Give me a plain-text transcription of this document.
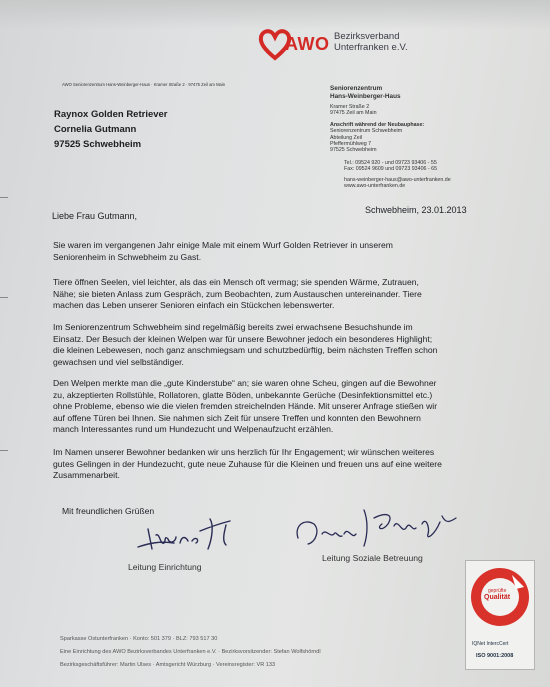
AWO Bezirksverband
Unterfranken e.V.
AWO Seniorenzentrum Hans-Weinberger-Haus · Kramer Straße 2 · 97475 Zeil am Main
Raynox Golden Retriever
Cornelia Gutmann
97525 Schwebheim
Seniorenzentrum
Hans-Weinberger-Haus
Kramer Straße 2
97475 Zeil am Main
Anschrift während der Neubauphase:
Seniorenzentrum Schwebheim
Abteilung Zeil
Pfeffermühlweg 7
97525 Schwebheim
Tel.: 09524 920 - und 09723 93406 - 55
Fax: 09524 9609 und 09723 93406 - 65
hans-weinberger-haus@awo-unterfranken.de
www.awo-unterfranken.de
Liebe Frau Gutmann,
Schwebheim, 23.01.2013
Sie waren im vergangenen Jahr einige Male mit einem Wurf Golden Retriever in unserem
Seniorenheim in Schwebheim zu Gast.
Tiere öffnen Seelen, viel leichter, als das ein Mensch oft vermag; sie spenden Wärme, Zutrauen,
Nähe; sie bieten Anlass zum Gespräch, zum Beobachten, zum Austauschen untereinander. Tiere
machen das Leben unserer Senioren einfach ein Stückchen lebenswerter.
Im Seniorenzentrum Schwebheim sind regelmäßig bereits zwei erwachsene Besuchshunde im
Einsatz. Der Besuch der kleinen Welpen war für unsere Bewohner jedoch ein besonderes Highlight;
die kleinen Lebewesen, noch ganz anschmiegsam und schutzbedürftig, beim nächsten Treffen schon
gewachsen und viel selbständiger.
Den Welpen merkte man die „gute Kinderstube“ an; sie waren ohne Scheu, gingen auf die Bewohner
zu, akzeptierten Rollstühle, Rollatoren, glatte Böden, unbekannte Gerüche (Desinfektionsmittel etc.)
ohne Probleme, ebenso wie die vielen fremden streichelnden Hände. Mit unserer Anfrage stießen wir
auf offene Türen bei Ihnen. Sie nahmen sich Zeit für unsere Treffen und konnten den Bewohnern
manch Interessantes rund um Hundezucht und Welpenaufzucht erzählen.
Im Namen unserer Bewohner bedanken wir uns herzlich für Ihr Engagement; wir wünschen weiteres
gutes Gelingen in der Hundezucht, gute neue Zuhause für die Kleinen und freuen uns auf eine weitere
Zusammenarbeit.
Mit freundlichen Grüßen
Leitung Einrichtung
Leitung Soziale Betreuung
geprüfte
Qualität
IQNet IntercCert
ISO 9001:2008
Sparkasse Ostunterfranken · Konto: 501 379 · BLZ: 793 517 30
Eine Einrichtung des AWO Bezirksverbandes Unterfranken e.V. · Bezirksvorsitzender: Stefan Wolfshörndl
Bezirksgeschäftsführer: Martin Ulses · Amtsgericht Würzburg · Vereinsregister: VR 133
